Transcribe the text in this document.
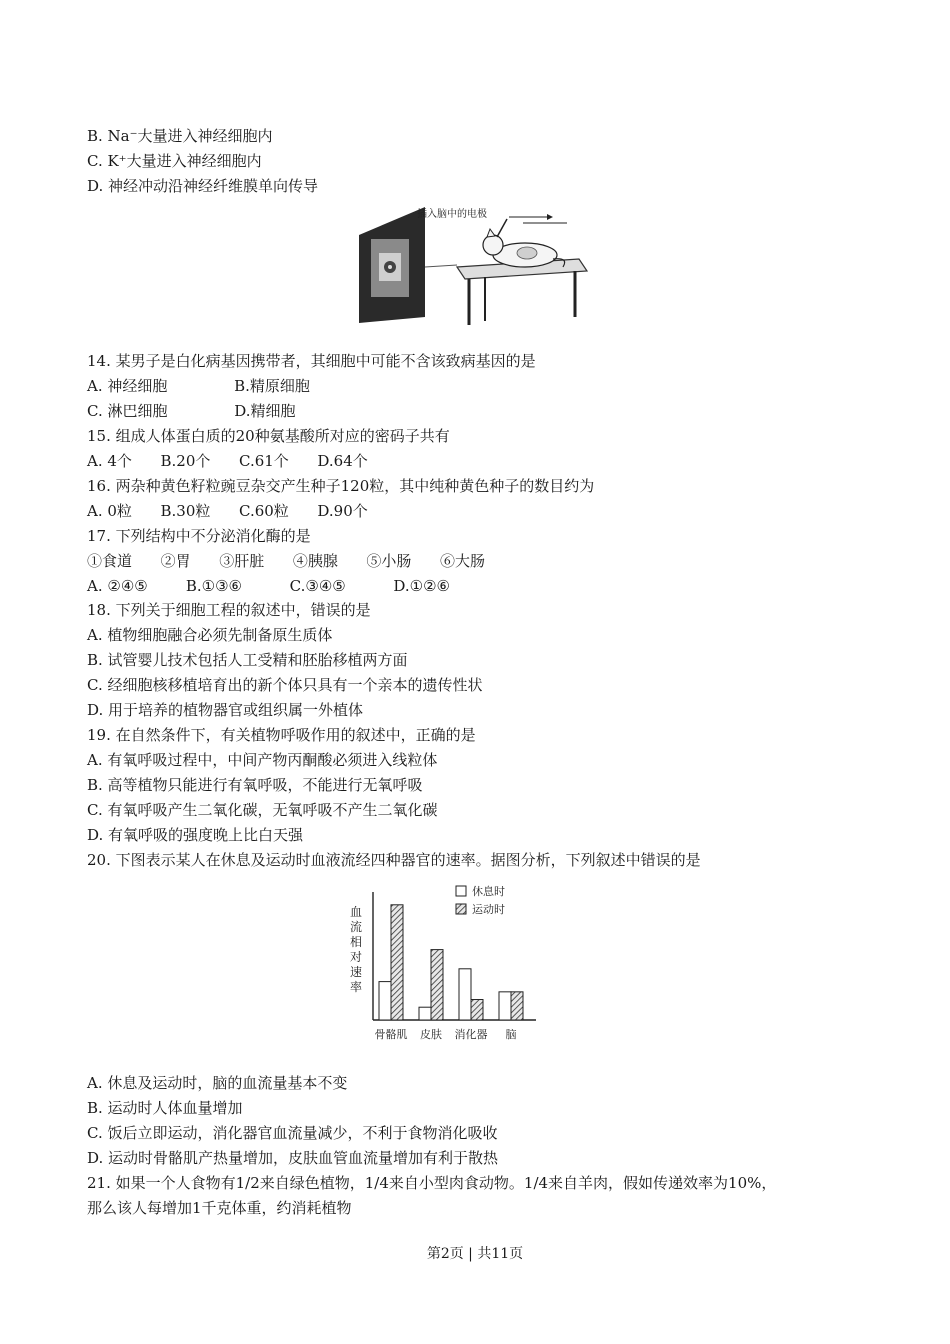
B. Na⁻大量进入神经细胞内
C. K⁺大量进入神经细胞内
D. 神经冲动沿神经纤维膜单向传导
插入脑中的电极
14. 某男子是白化病基因携带者，其细胞中可能不含该致病基因的是
A. 神经细胞              B.精原细胞
C. 淋巴细胞              D.精细胞
15. 组成人体蛋白质的20种氨基酸所对应的密码子共有
A. 4个      B.20个      C.61个      D.64个
16. 两杂种黄色籽粒豌豆杂交产生种子120粒，其中纯种黄色种子的数目约为
A. 0粒      B.30粒      C.60粒      D.90个
17. 下列结构中不分泌消化酶的是
①食道      ②胃      ③肝脏      ④胰腺      ⑤小肠      ⑥大肠
A. ②④⑤        B.①③⑥          C.③④⑤          D.①②⑥
18. 下列关于细胞工程的叙述中，错误的是
A. 植物细胞融合必须先制备原生质体
B. 试管婴儿技术包括人工受精和胚胎移植两方面
C. 经细胞核移植培育出的新个体只具有一个亲本的遗传性状
D. 用于培养的植物器官或组织属一外植体
19. 在自然条件下，有关植物呼吸作用的叙述中，正确的是
A. 有氧呼吸过程中，中间产物丙酮酸必须进入线粒体
B. 高等植物只能进行有氧呼吸，不能进行无氧呼吸
C. 有氧呼吸产生二氧化碳，无氧呼吸不产生二氧化碳
D. 有氧呼吸的强度晚上比白天强
20. 下图表示某人在休息及运动时血液流经四种器官的速率。据图分析，下列叙述中错误的是
血流相对速率
休息时
运动时
骨骼肌 皮肤 消化器 脑
A. 休息及运动时，脑的血流量基本不变
B. 运动时人体血量增加
C. 饭后立即运动，消化器官血流量减少，不利于食物消化吸收
D. 运动时骨骼肌产热量增加，皮肤血管血流量增加有利于散热
21. 如果一个人食物有1/2来自绿色植物，1/4来自小型肉食动物。1/4来自羊肉，假如传递效率为10%，
那么该人每增加1千克体重，约消耗植物
第2页 | 共11页
